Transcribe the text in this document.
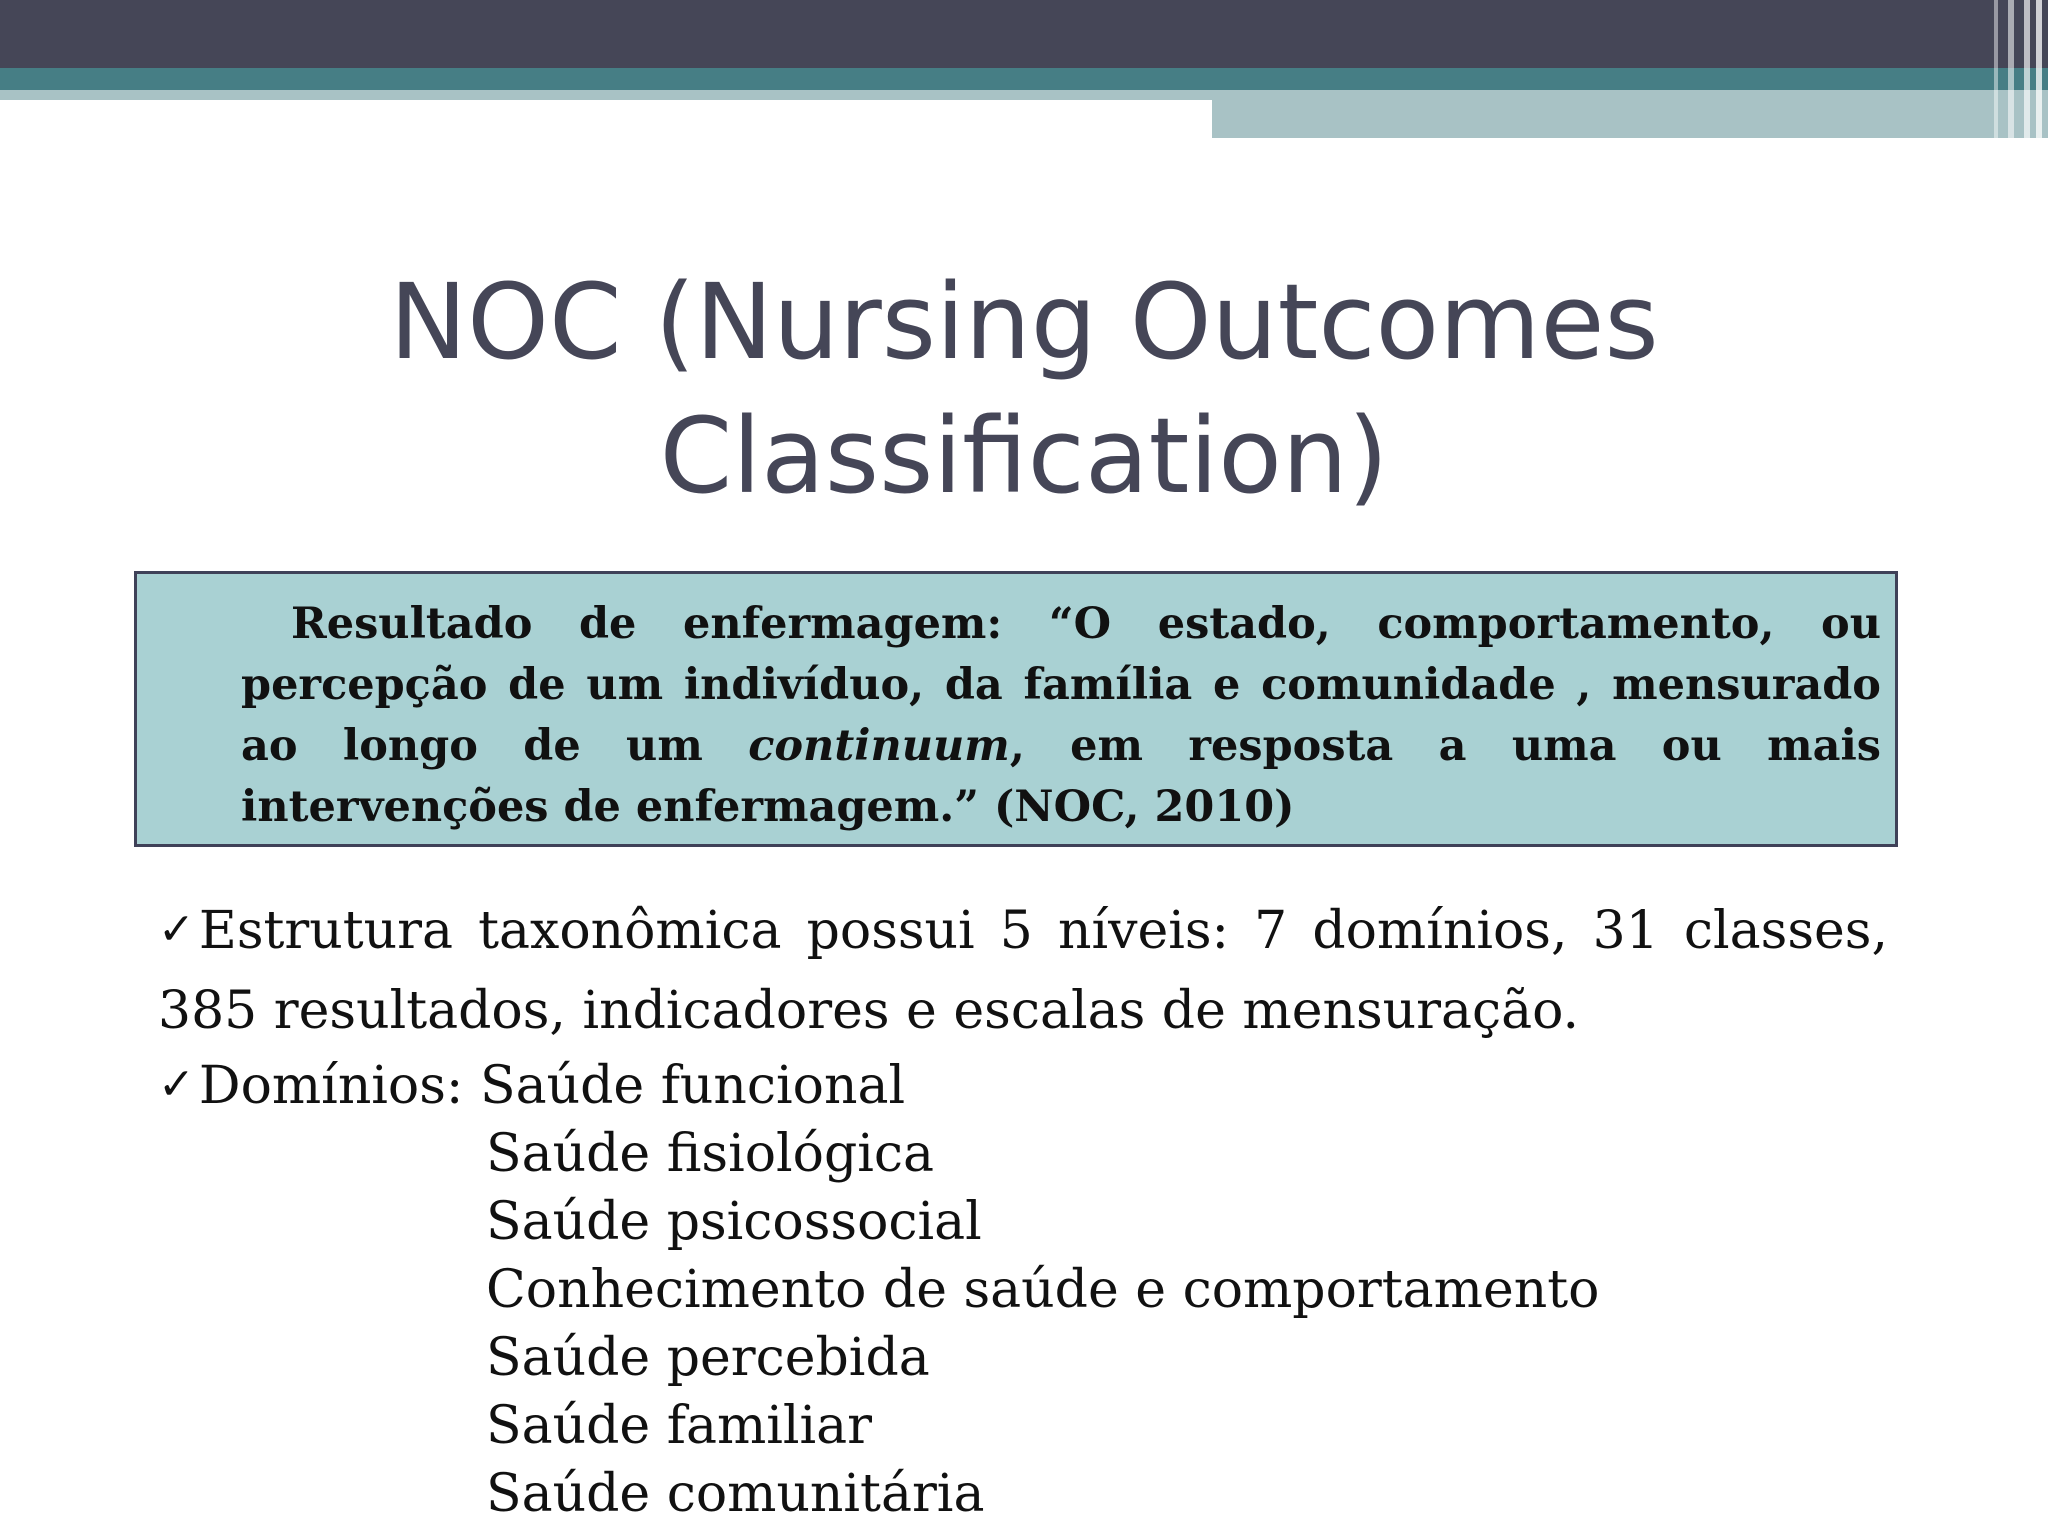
NOC (Nursing Outcomes
Classification)

Resultado de enfermagem: “O estado, comportamento, ou percepção de um indivíduo, da família e comunidade , mensurado ao longo de um continuum, em resposta a uma ou mais intervenções de enfermagem.” (NOC, 2010)

✓Estrutura taxonômica possui 5 níveis: 7 domínios, 31 classes, 385 resultados, indicadores e escalas de mensuração.

✓Domínios: Saúde funcional

Saúde fisiológica

Saúde psicossocial

Conhecimento de saúde e comportamento

Saúde percebida

Saúde familiar

Saúde comunitária
